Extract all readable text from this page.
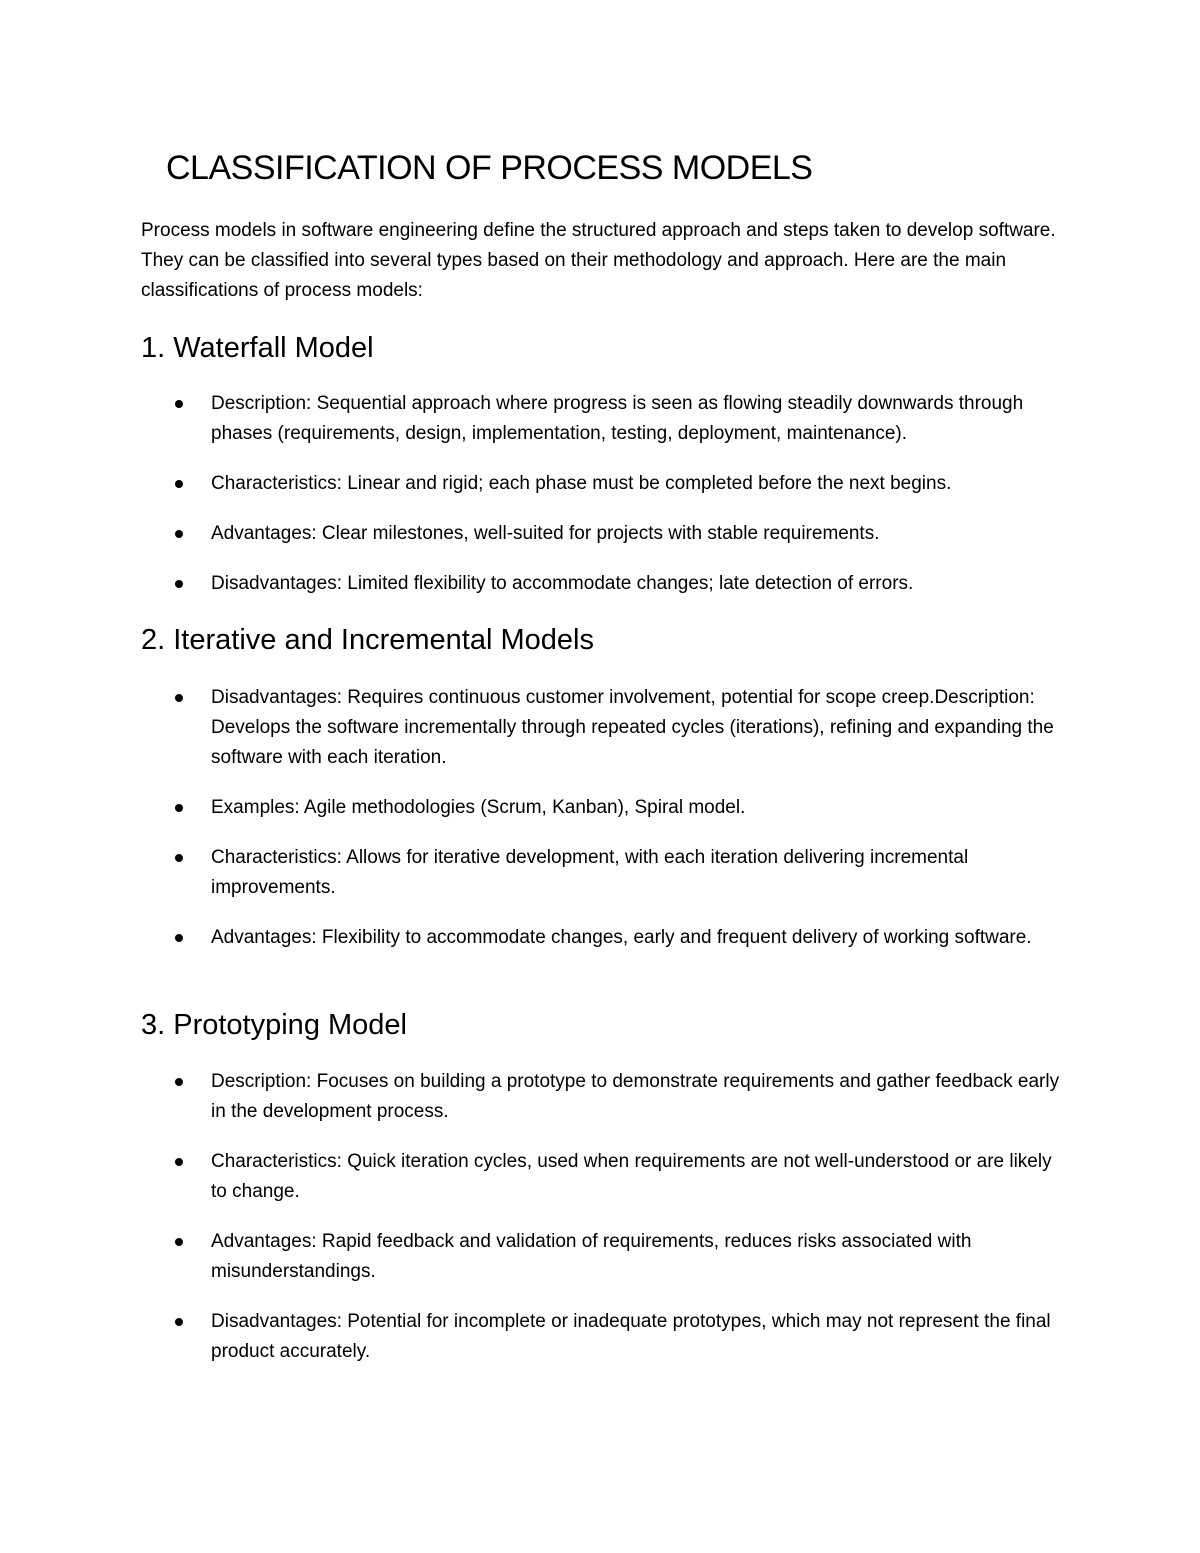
CLASSIFICATION OF PROCESS MODELS
Process models in software engineering define the structured approach and steps taken to develop software. They can be classified into several types based on their methodology and approach. Here are the main classifications of process models:
1. Waterfall Model
Description: Sequential approach where progress is seen as flowing steadily downwards through phases (requirements, design, implementation, testing, deployment, maintenance).
Characteristics: Linear and rigid; each phase must be completed before the next begins.
Advantages: Clear milestones, well-suited for projects with stable requirements.
Disadvantages: Limited flexibility to accommodate changes; late detection of errors.
2. Iterative and Incremental Models
Disadvantages: Requires continuous customer involvement, potential for scope creep.Description: Develops the software incrementally through repeated cycles (iterations), refining and expanding the software with each iteration.
Examples: Agile methodologies (Scrum, Kanban), Spiral model.
Characteristics: Allows for iterative development, with each iteration delivering incremental improvements.
Advantages: Flexibility to accommodate changes, early and frequent delivery of working software.
3. Prototyping Model
Description: Focuses on building a prototype to demonstrate requirements and gather feedback early in the development process.
Characteristics: Quick iteration cycles, used when requirements are not well-understood or are likely to change.
Advantages: Rapid feedback and validation of requirements, reduces risks associated with misunderstandings.
Disadvantages: Potential for incomplete or inadequate prototypes, which may not represent the final product accurately.
